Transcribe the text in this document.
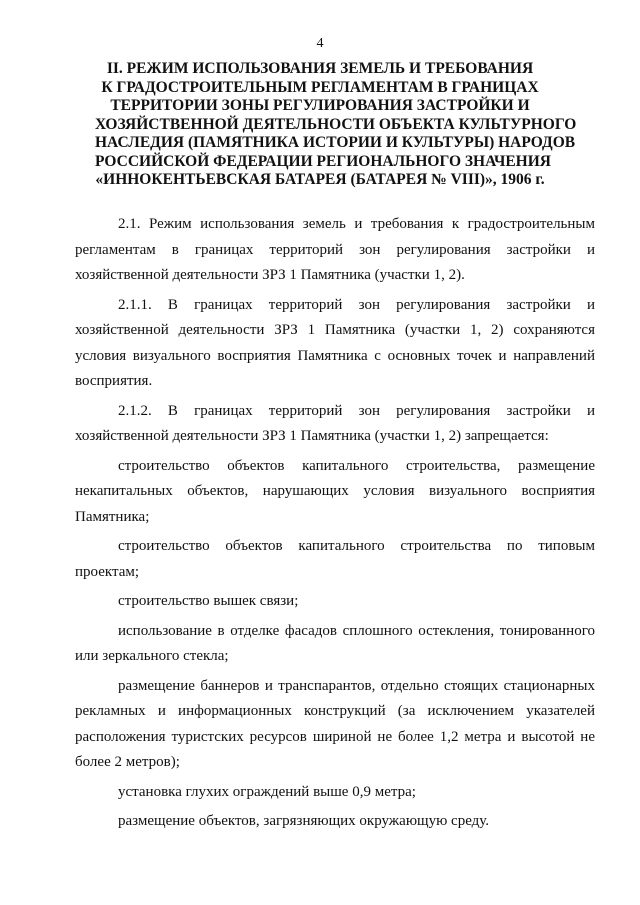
4
II. РЕЖИМ ИСПОЛЬЗОВАНИЯ ЗЕМЕЛЬ И ТРЕБОВАНИЯ
К ГРАДОСТРОИТЕЛЬНЫМ РЕГЛАМЕНТАМ В ГРАНИЦАХ
ТЕРРИТОРИИ ЗОНЫ РЕГУЛИРОВАНИЯ ЗАСТРОЙКИ И
ХОЗЯЙСТВЕННОЙ ДЕЯТЕЛЬНОСТИ ОБЪЕКТА КУЛЬТУРНОГО
НАСЛЕДИЯ (ПАМЯТНИКА ИСТОРИИ И КУЛЬТУРЫ) НАРОДОВ
РОССИЙСКОЙ ФЕДЕРАЦИИ РЕГИОНАЛЬНОГО ЗНАЧЕНИЯ
«ИННОКЕНТЬЕВСКАЯ БАТАРЕЯ (БАТАРЕЯ № VIII)», 1906 г.

2.1. Режим использования земель и требования к градостроительным регламентам в границах территорий зон регулирования застройки и хозяйственной деятельности ЗРЗ 1 Памятника (участки 1, 2).

2.1.1. В границах территорий зон регулирования застройки и хозяйственной деятельности ЗРЗ 1 Памятника (участки 1, 2) сохраняются условия визуального восприятия Памятника с основных точек и направлений восприятия.

2.1.2. В границах территорий зон регулирования застройки и хозяйственной деятельности ЗРЗ 1 Памятника (участки 1, 2) запрещается:

строительство объектов капитального строительства, размещение некапитальных объектов, нарушающих условия визуального восприятия Памятника;

строительство объектов капитального строительства по типовым проектам;

строительство вышек связи;

использование в отделке фасадов сплошного остекления, тонированного или зеркального стекла;

размещение баннеров и транспарантов, отдельно стоящих стационарных рекламных и информационных конструкций (за исключением указателей расположения туристских ресурсов шириной не более 1,2 метра и высотой не более 2 метров);

установка глухих ограждений выше 0,9 метра;

размещение объектов, загрязняющих окружающую среду.
